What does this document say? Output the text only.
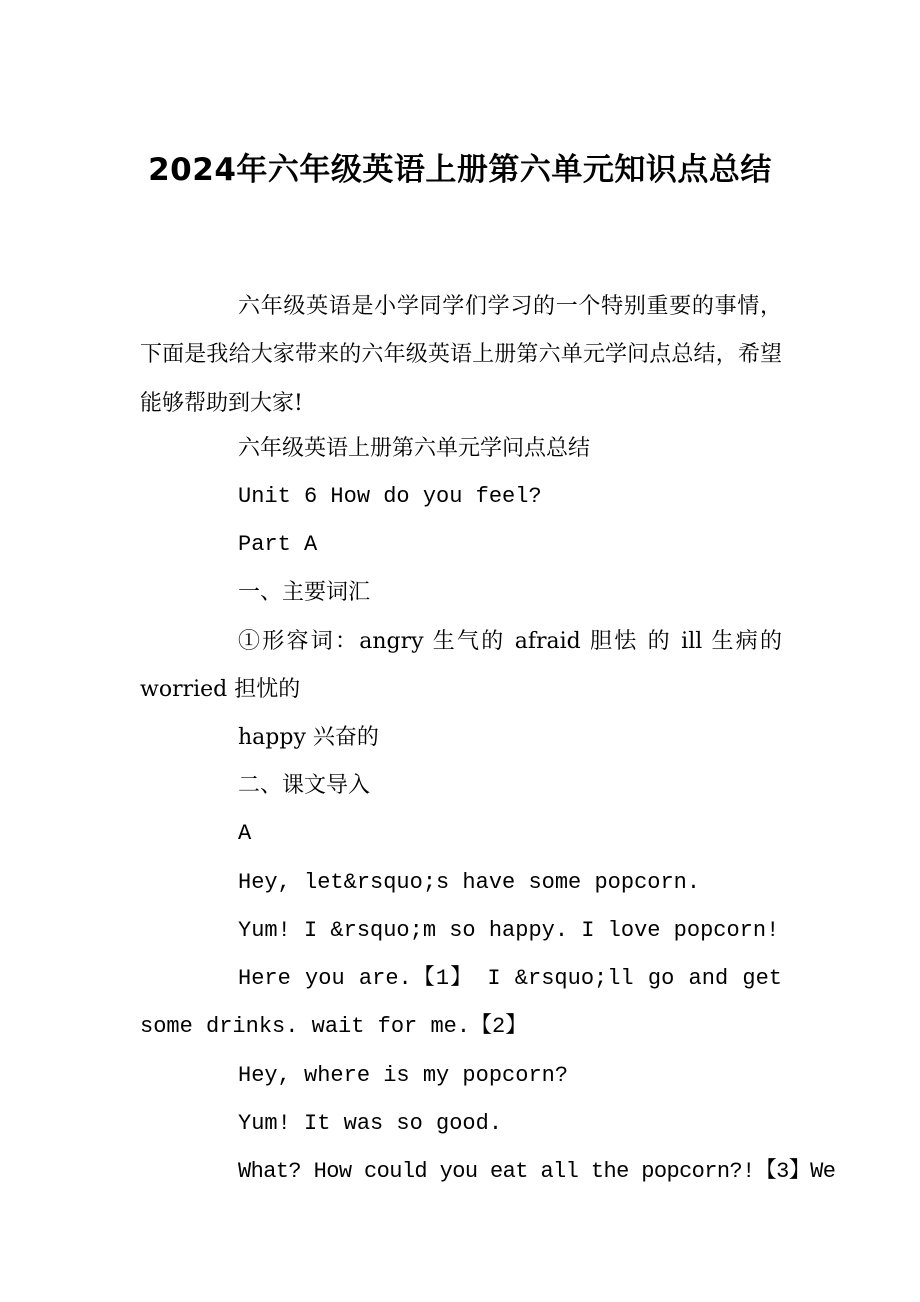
2024年六年级英语上册第六单元知识点总结
六年级英语是小学同学们学习的一个特别重要的事情，下面是我给大家带来的六年级英语上册第六单元学问点总结，希望能够帮助到大家!
六年级英语上册第六单元学问点总结
Unit 6 How do you feel?
Part A
一、主要词汇
①形容词：angry 生气的 afraid 胆怯 的 ill 生病的 worried 担忧的
happy 兴奋的
二、课文导入
A
Hey, let&rsquo;s have some popcorn.
Yum! I &rsquo;m so happy. I love popcorn!
Here you are.【1】 I &rsquo;ll go and get some drinks. wait for me.【2】
Hey, where is my popcorn?
Yum! It was so good.
What? How could you eat all the popcorn?!【3】We
